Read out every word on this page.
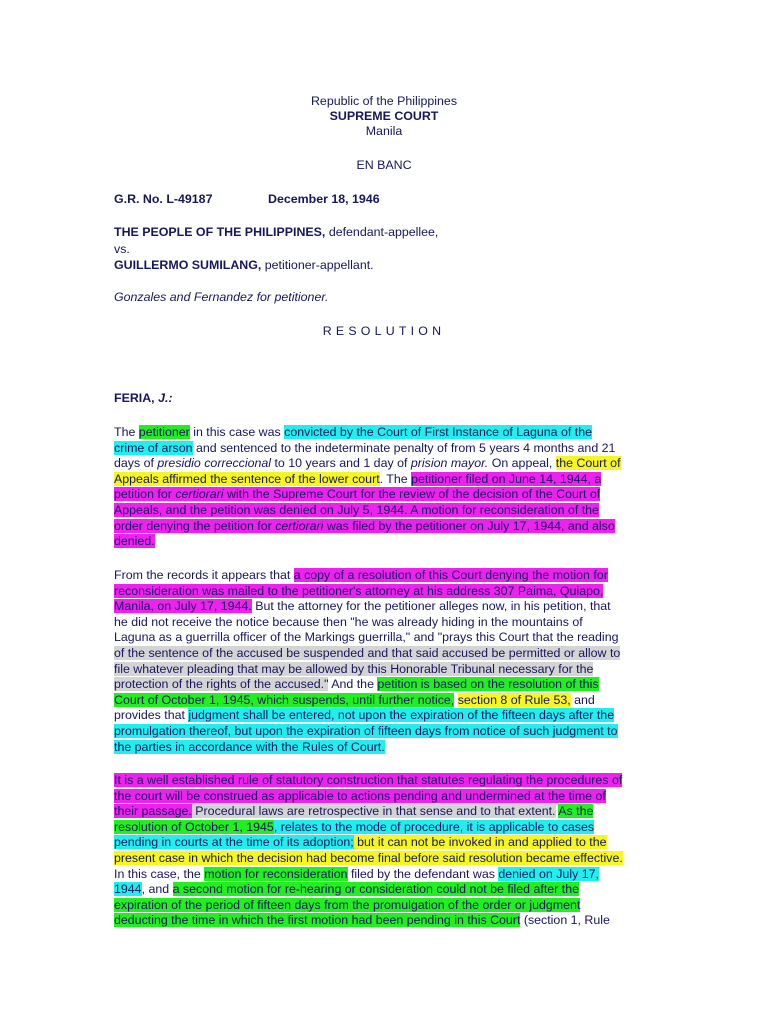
Republic of the Philippines
SUPREME COURT
Manila
EN BANC
G.R. No. L-49187	December 18, 1946
THE PEOPLE OF THE PHILIPPINES, defendant-appellee,
vs.
GUILLERMO SUMILANG, petitioner-appellant.
Gonzales and Fernandez for petitioner.
RESOLUTION
FERIA, J.:
The petitioner in this case was convicted by the Court of First Instance of Laguna of the
crime of arson and sentenced to the indeterminate penalty of from 5 years 4 months and 21
days of presidio correccional to 10 years and 1 day of prision mayor. On appeal, the Court of
Appeals affirmed the sentence of the lower court. The petitioner filed on June 14, 1944, a
petition for certiorari with the Supreme Court for the review of the decision of the Court of
Appeals, and the petition was denied on July 5, 1944. A motion for reconsideration of the
order denying the petition for certiorari was filed by the petitioner on July 17, 1944, and also
denied.
From the records it appears that a copy of a resolution of this Court denying the motion for
reconsideration was mailed to the petitioner's attorney at his address 307 Paima, Quiapo,
Manila, on July 17, 1944. But the attorney for the petitioner alleges now, in his petition, that
he did not receive the notice because then "he was already hiding in the mountains of
Laguna as a guerrilla officer of the Markings guerrilla," and "prays this Court that the reading
of the sentence of the accused be suspended and that said accused be permitted or allow to
file whatever pleading that may be allowed by this Honorable Tribunal necessary for the
protection of the rights of the accused." And the petition is based on the resolution of this
Court of October 1, 1945, which suspends, until further notice, section 8 of Rule 53, and
provides that judgment shall be entered, not upon the expiration of the fifteen days after the
promulgation thereof, but upon the expiration of fifteen days from notice of such judgment to
the parties in accordance with the Rules of Court.
It is a well established rule of statutory construction that statutes regulating the procedures of
the court will be construed as applicable to actions pending and undermined at the time of
their passage. Procedural laws are retrospective in that sense and to that extent. As the
resolution of October 1, 1945, relates to the mode of procedure, it is applicable to cases
pending in courts at the time of its adoption; but it can not be invoked in and applied to the
present case in which the decision had become final before said resolution became effective.
In this case, the motion for reconsideration filed by the defendant was denied on July 17,
1944, and a second motion for re-hearing or consideration could not be filed after the
expiration of the period of fifteen days from the promulgation of the order or judgment
deducting the time in which the first motion had been pending in this Court (section 1, Rule
